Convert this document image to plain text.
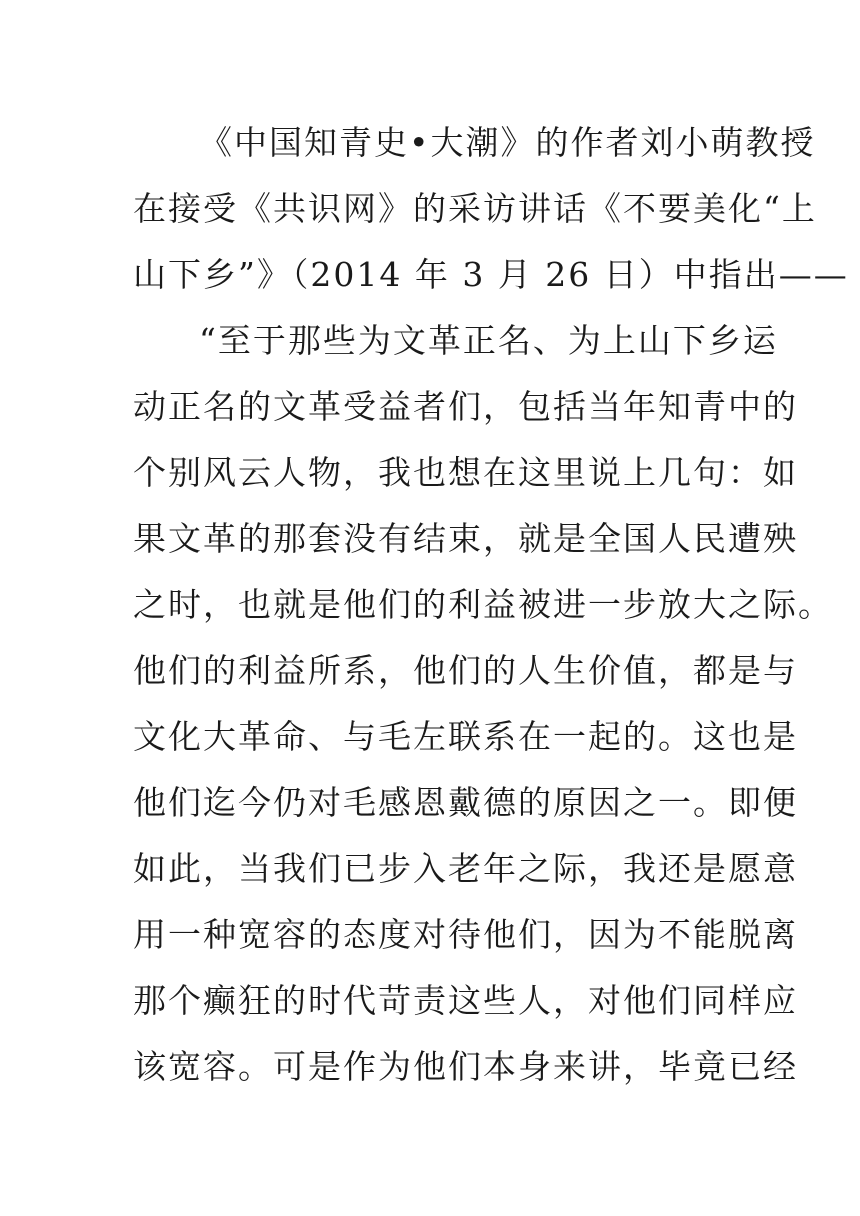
《中国知青史•大潮》的作者刘小萌教授
在接受《共识网》的采访讲话《不要美化“上
山下乡”》（2014 年 3 月 26 日）中指出——
“至于那些为文革正名、为上山下乡运
动正名的文革受益者们，包括当年知青中的
个别风云人物，我也想在这里说上几句：如
果文革的那套没有结束，就是全国人民遭殃
之时，也就是他们的利益被进一步放大之际。
他们的利益所系，他们的人生价值，都是与
文化大革命、与毛左联系在一起的。这也是
他们迄今仍对毛感恩戴德的原因之一。即便
如此，当我们已步入老年之际，我还是愿意
用一种宽容的态度对待他们，因为不能脱离
那个癫狂的时代苛责这些人，对他们同样应
该宽容。可是作为他们本身来讲，毕竟已经
